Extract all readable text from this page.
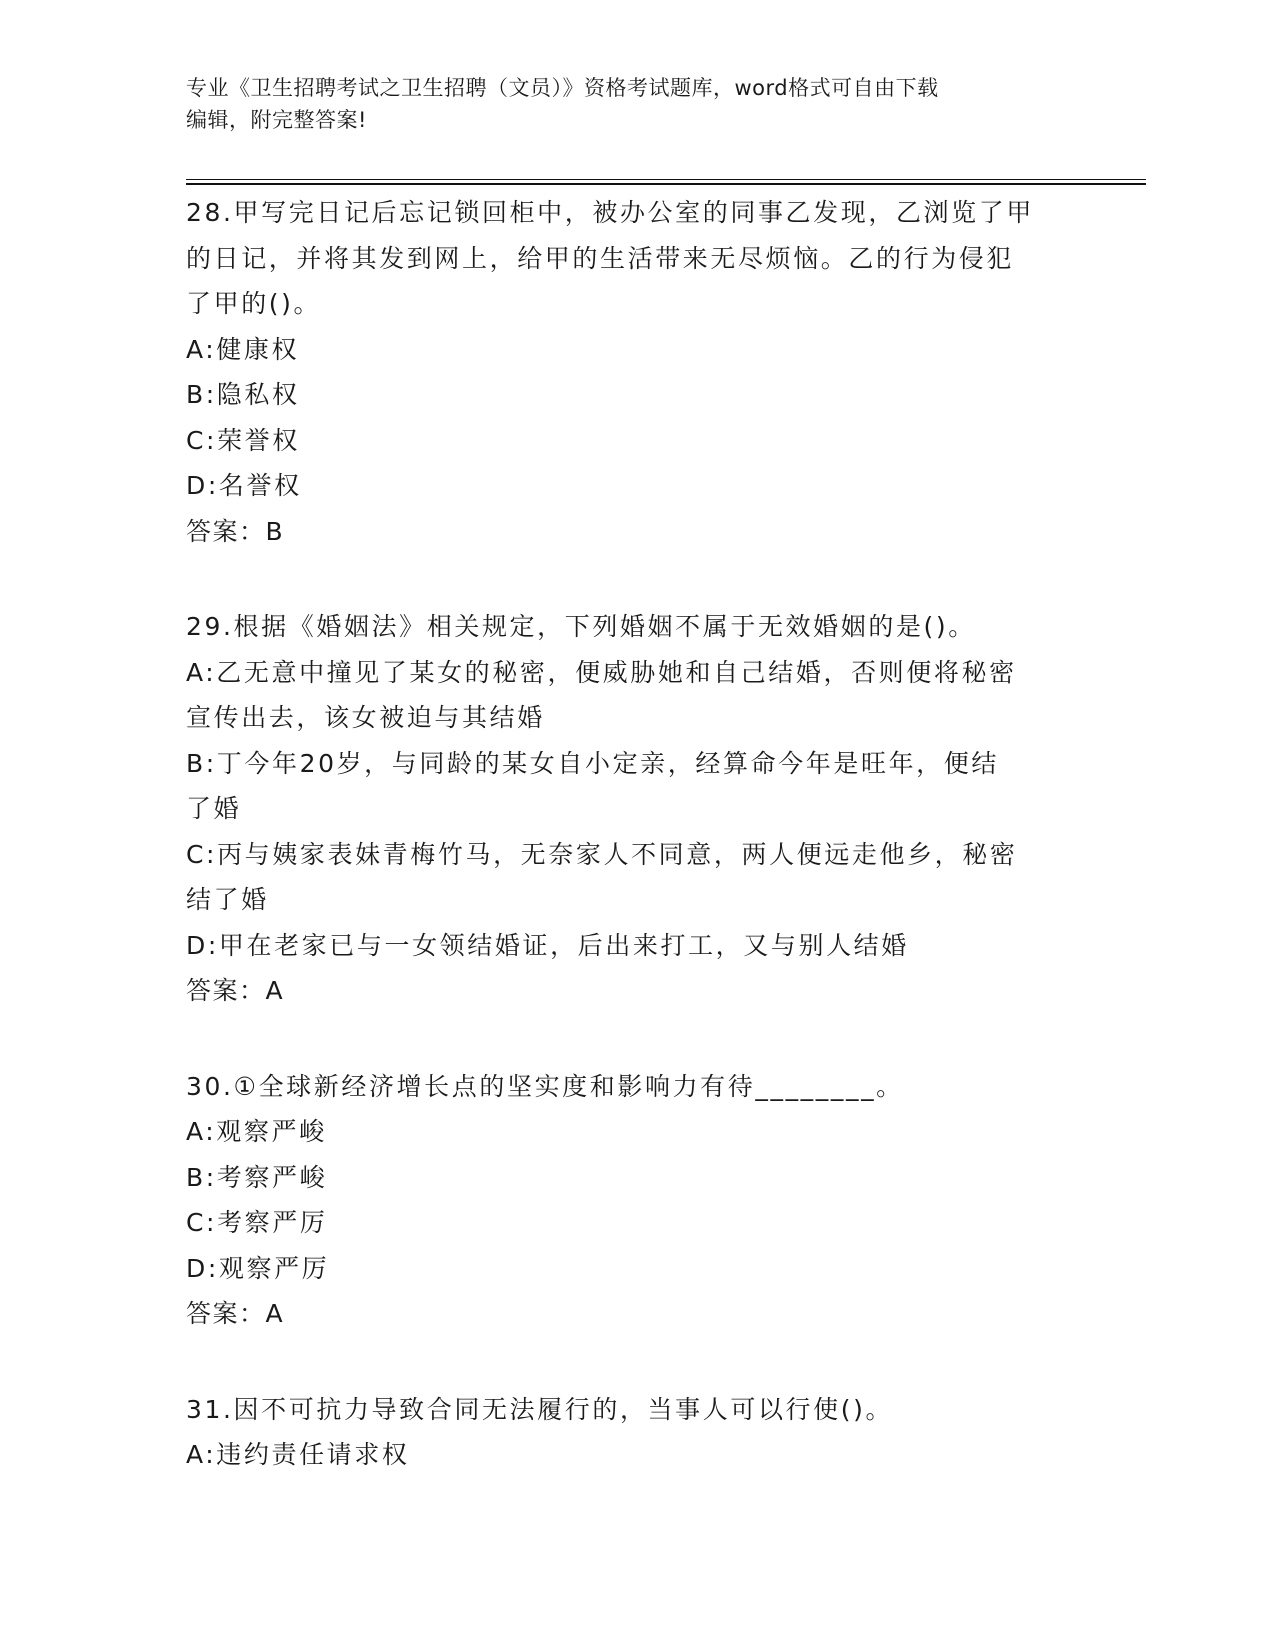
专业《卫生招聘考试之卫生招聘（文员）》资格考试题库，word格式可自由下载
编辑，附完整答案!

28.甲写完日记后忘记锁回柜中，被办公室的同事乙发现，乙浏览了甲

的日记，并将其发到网上，给甲的生活带来无尽烦恼。乙的行为侵犯

了甲的()。

A:健康权

B:隐私权

C:荣誉权

D:名誉权

答案：B

29.根据《婚姻法》相关规定，下列婚姻不属于无效婚姻的是()。

A:乙无意中撞见了某女的秘密，便威胁她和自己结婚，否则便将秘密

宣传出去，该女被迫与其结婚

B:丁今年20岁，与同龄的某女自小定亲，经算命今年是旺年，便结

了婚

C:丙与姨家表妹青梅竹马，无奈家人不同意，两人便远走他乡，秘密

结了婚

D:甲在老家已与一女领结婚证，后出来打工，又与别人结婚

答案：A

30.①全球新经济增长点的坚实度和影响力有待________。

A:观察严峻

B:考察严峻

C:考察严厉

D:观察严厉

答案：A

31.因不可抗力导致合同无法履行的，当事人可以行使()。

A:违约责任请求权
